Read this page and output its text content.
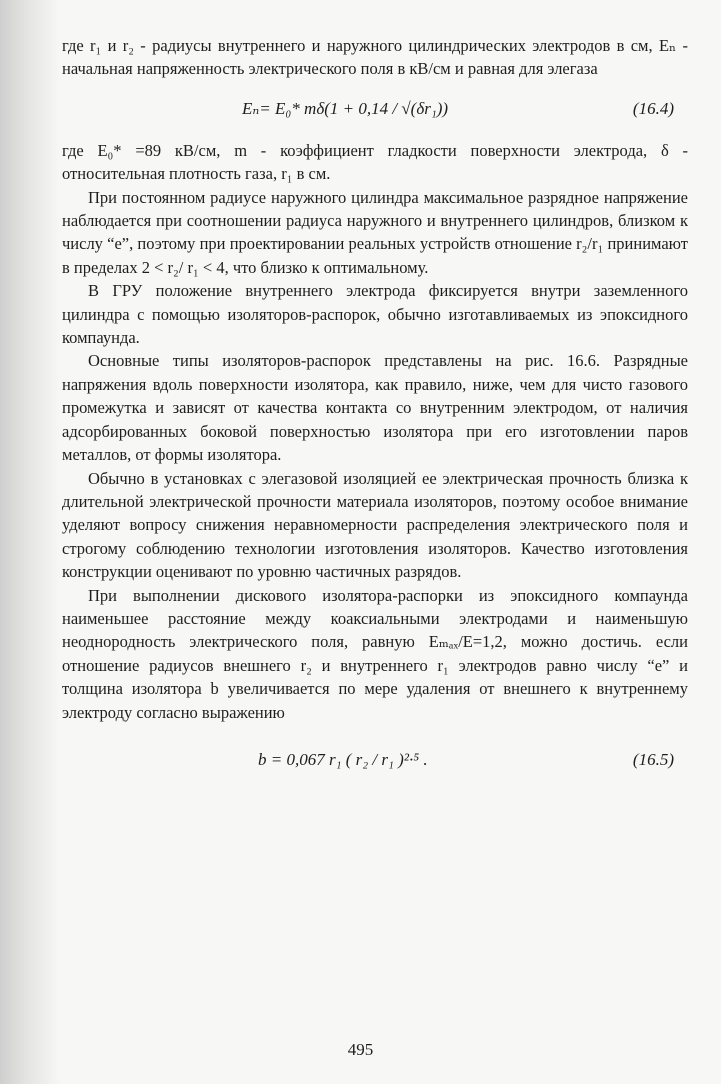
где r₁ и r₂ - радиусы внутреннего и наружного цилиндрических электродов в см, Eₙ - начальная напряженность электрического поля в кВ/см и равная для элегаза

Eₙ= E₀* mδ(1 + 0,14 / √(δr₁))	(16.4)

где E₀* =89 кВ/см, m - коэффициент гладкости поверхности электрода, δ - относительная плотность газа, r₁ в см.

При постоянном радиусе наружного цилиндра максимальное разрядное напряжение наблюдается при соотношении радиуса наружного и внутреннего цилиндров, близком к числу “е”, поэтому при проектировании реальных устройств отношение r₂/r₁ принимают в пределах 2 < r₂/ r₁ < 4, что близко к оптимальному.

В ГРУ положение внутреннего электрода фиксируется внутри заземленного цилиндра с помощью изоляторов-распорок, обычно изготавливаемых из эпоксидного компаунда.

Основные типы изоляторов-распорок представлены на рис. 16.6. Разрядные напряжения вдоль поверхности изолятора, как правило, ниже, чем для чисто газового промежутка и зависят от качества контакта со внутренним электродом, от наличия адсорбированных боковой поверхностью изолятора при его изготовлении паров металлов, от формы изолятора.

Обычно в установках с элегазовой изоляцией ее электрическая прочность близка к длительной электрической прочности материала изоляторов, поэтому особое внимание уделяют вопросу снижения неравномерности распределения электрического поля и строгому соблюдению технологии изготовления изоляторов. Качество изготовления конструкции оценивают по уровню частичных разрядов.

При выполнении дискового изолятора-распорки из эпоксидного компаунда наименьшее расстояние между коаксиальными электродами и наименьшую неоднородность электрического поля, равную Eₘₐₓ/E=1,2, можно достичь. если отношение радиусов внешнего r₂ и внутреннего r₁ электродов равно числу “е” и толщина изолятора b увеличивается по мере удаления от внешнего к внутреннему электроду согласно выражению

b = 0,067 r₁ ( r₂ / r₁ )²·⁵ .	(16.5)
495
